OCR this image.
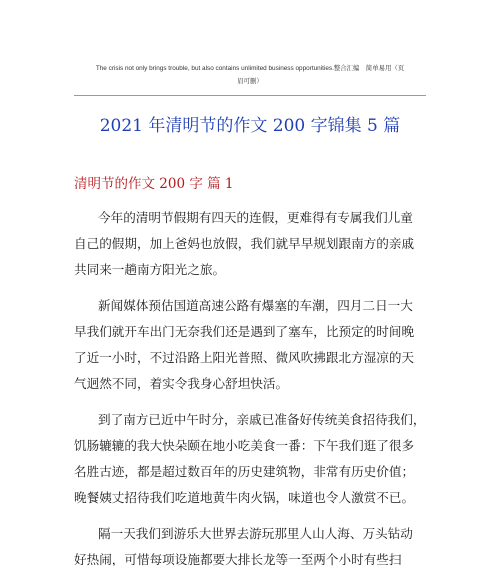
The crisis not only brings trouble, but also contains unlimited business opportunities.整合汇编　简单易用（页
眉可删）
2021 年清明节的作文 200 字锦集 5 篇
清明节的作文 200 字 篇 1
今年的清明节假期有四天的连假，更难得有专属我们儿童
自己的假期，加上爸妈也放假，我们就早早规划跟南方的亲戚
共同来一趟南方阳光之旅。
新闻媒体预估国道高速公路有爆塞的车潮，四月二日一大
早我们就开车出门无奈我们还是遇到了塞车，比预定的时间晚
了近一小时，不过沿路上阳光普照、微风吹拂跟北方湿凉的天
气迥然不同，着实令我身心舒坦快活。
到了南方已近中午时分，亲戚已准备好传统美食招待我们，
饥肠辘辘的我大快朵颐在地小吃美食一番：下午我们逛了很多
名胜古迹，都是超过数百年的历史建筑物，非常有历史价值；
晚餐姨丈招待我们吃道地黄牛肉火锅，味道也令人激赏不已。
隔一天我们到游乐大世界去游玩那里人山人海、万头钻动
好热闹，可惜每项设施都要大排长龙等一至两个小时有些扫
